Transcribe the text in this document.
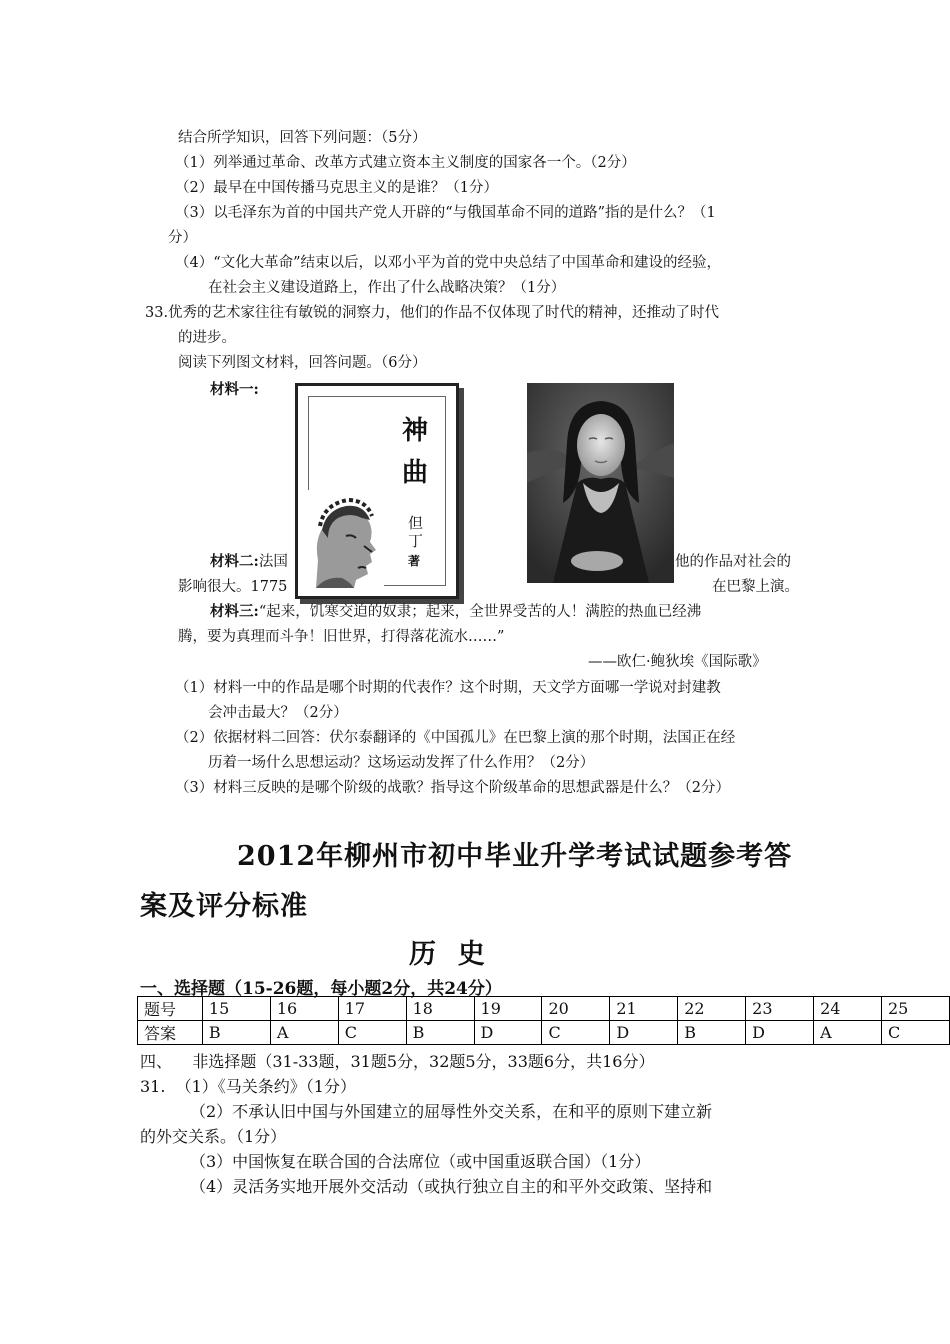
结合所学知识，回答下列问题：（5分）
（1）列举通过革命、改革方式建立资本主义制度的国家各一个。（2分）
（2）最早在中国传播马克思主义的是谁？（1分）
（3）以毛泽东为首的中国共产党人开辟的“与俄国革命不同的道路”指的是什么？（1
分）
（4）“文化大革命”结束以后，以邓小平为首的党中央总结了中国革命和建设的经验，
在社会主义建设道路上，作出了什么战略决策？（1分）
33.优秀的艺术家往往有敏锐的洞察力，他们的作品不仅体现了时代的精神，还推动了时代
的进步。
阅读下列图文材料，回答问题。（6分）
材料一:
材料二:法国	他的作品对社会的
影响很大。1775	在巴黎上演。
神
曲
但
丁
著
材料三:“起来，饥寒交迫的奴隶；起来，全世界受苦的人！满腔的热血已经沸
腾，要为真理而斗争！旧世界，打得落花流水……”
——欧仁·鲍狄埃《国际歌》
（1）材料一中的作品是哪个时期的代表作？这个时期，天文学方面哪一学说对封建教
会冲击最大？（2分）
（2）依据材料二回答：伏尔泰翻译的《中国孤儿》在巴黎上演的那个时期，法国正在经
历着一场什么思想运动？这场运动发挥了什么作用？（2分）
（3）材料三反映的是哪个阶级的战歌？指导这个阶级革命的思想武器是什么？（2分）
2012年柳州市初中毕业升学考试试题参考答
案及评分标准
历  史
一、选择题（15-26题，每小题2分，共24分）
题号	15	16	17	18	19	20	21	22	23	24	25
答案	B	A	C	B	D	C	D	B	D	A	C
四、    非选择题（31-33题，31题5分，32题5分，33题6分，共16分）
31.  （1）《马关条约》（1分）
（2）不承认旧中国与外国建立的屈辱性外交关系，在和平的原则下建立新
的外交关系。（1分）
（3）中国恢复在联合国的合法席位（或中国重返联合国）（1分）
（4）灵活务实地开展外交活动（或执行独立自主的和平外交政策、坚持和
